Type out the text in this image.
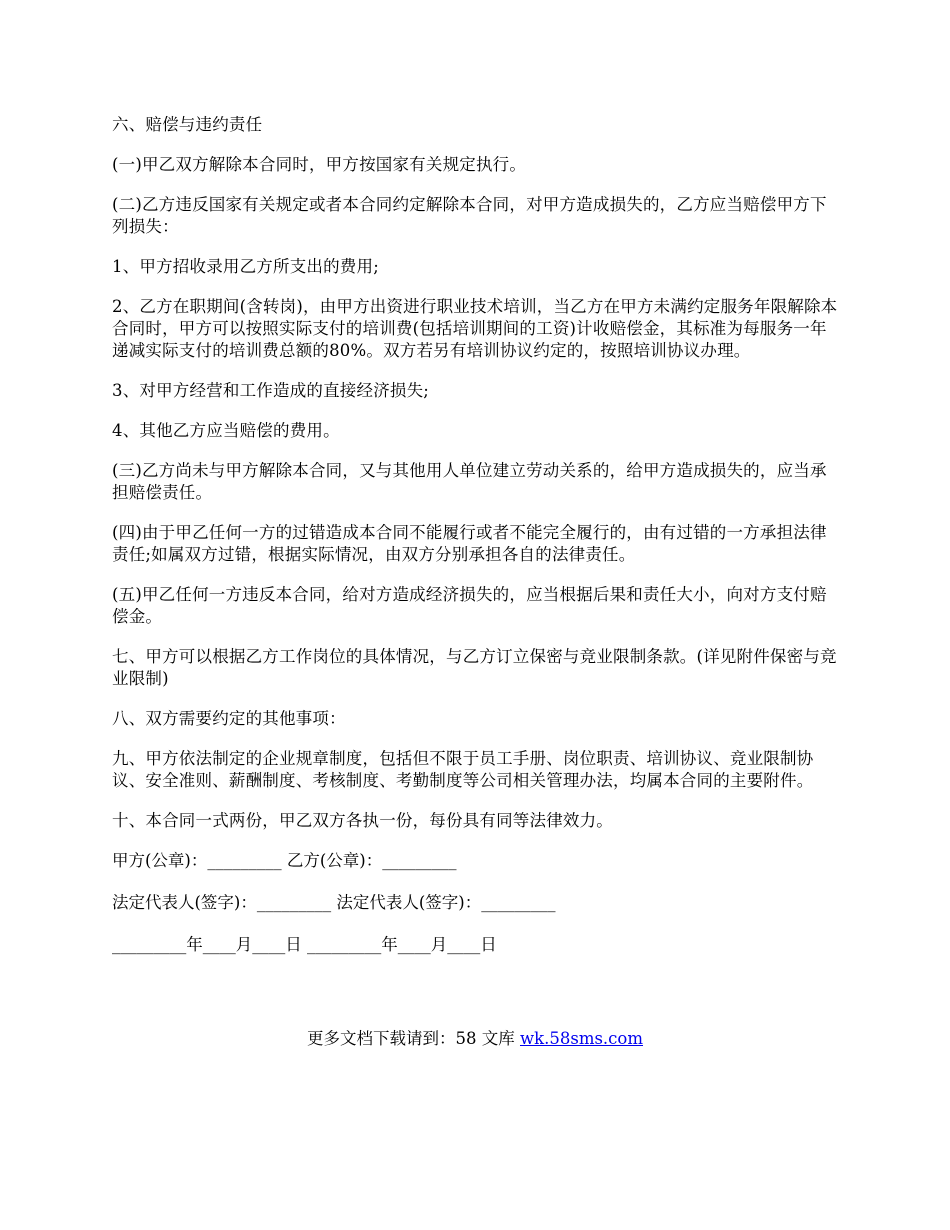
六、赔偿与违约责任

(一)甲乙双方解除本合同时，甲方按国家有关规定执行。

(二)乙方违反国家有关规定或者本合同约定解除本合同，对甲方造成损失的，乙方应当赔偿甲方下列损失：

1、甲方招收录用乙方所支出的费用;

2、乙方在职期间(含转岗)，由甲方出资进行职业技术培训，当乙方在甲方未满约定服务年限解除本合同时，甲方可以按照实际支付的培训费(包括培训期间的工资)计收赔偿金，其标准为每服务一年递减实际支付的培训费总额的80%。双方若另有培训协议约定的，按照培训协议办理。

3、对甲方经营和工作造成的直接经济损失;

4、其他乙方应当赔偿的费用。

(三)乙方尚未与甲方解除本合同，又与其他用人单位建立劳动关系的，给甲方造成损失的，应当承担赔偿责任。

(四)由于甲乙任何一方的过错造成本合同不能履行或者不能完全履行的，由有过错的一方承担法律责任;如属双方过错，根据实际情况，由双方分别承担各自的法律责任。

(五)甲乙任何一方违反本合同，给对方造成经济损失的，应当根据后果和责任大小，向对方支付赔偿金。

七、甲方可以根据乙方工作岗位的具体情况，与乙方订立保密与竞业限制条款。(详见附件保密与竞业限制)

八、双方需要约定的其他事项：

九、甲方依法制定的企业规章制度，包括但不限于员工手册、岗位职责、培训协议、竞业限制协议、安全准则、薪酬制度、考核制度、考勤制度等公司相关管理办法，均属本合同的主要附件。

十、本合同一式两份，甲乙双方各执一份，每份具有同等法律效力。

甲方(公章)：_________ 乙方(公章)：_________

法定代表人(签字)：_________ 法定代表人(签字)：_________

_________年____月____日 _________年____月____日

更多文档下载请到：58 文库 wk.58sms.com
